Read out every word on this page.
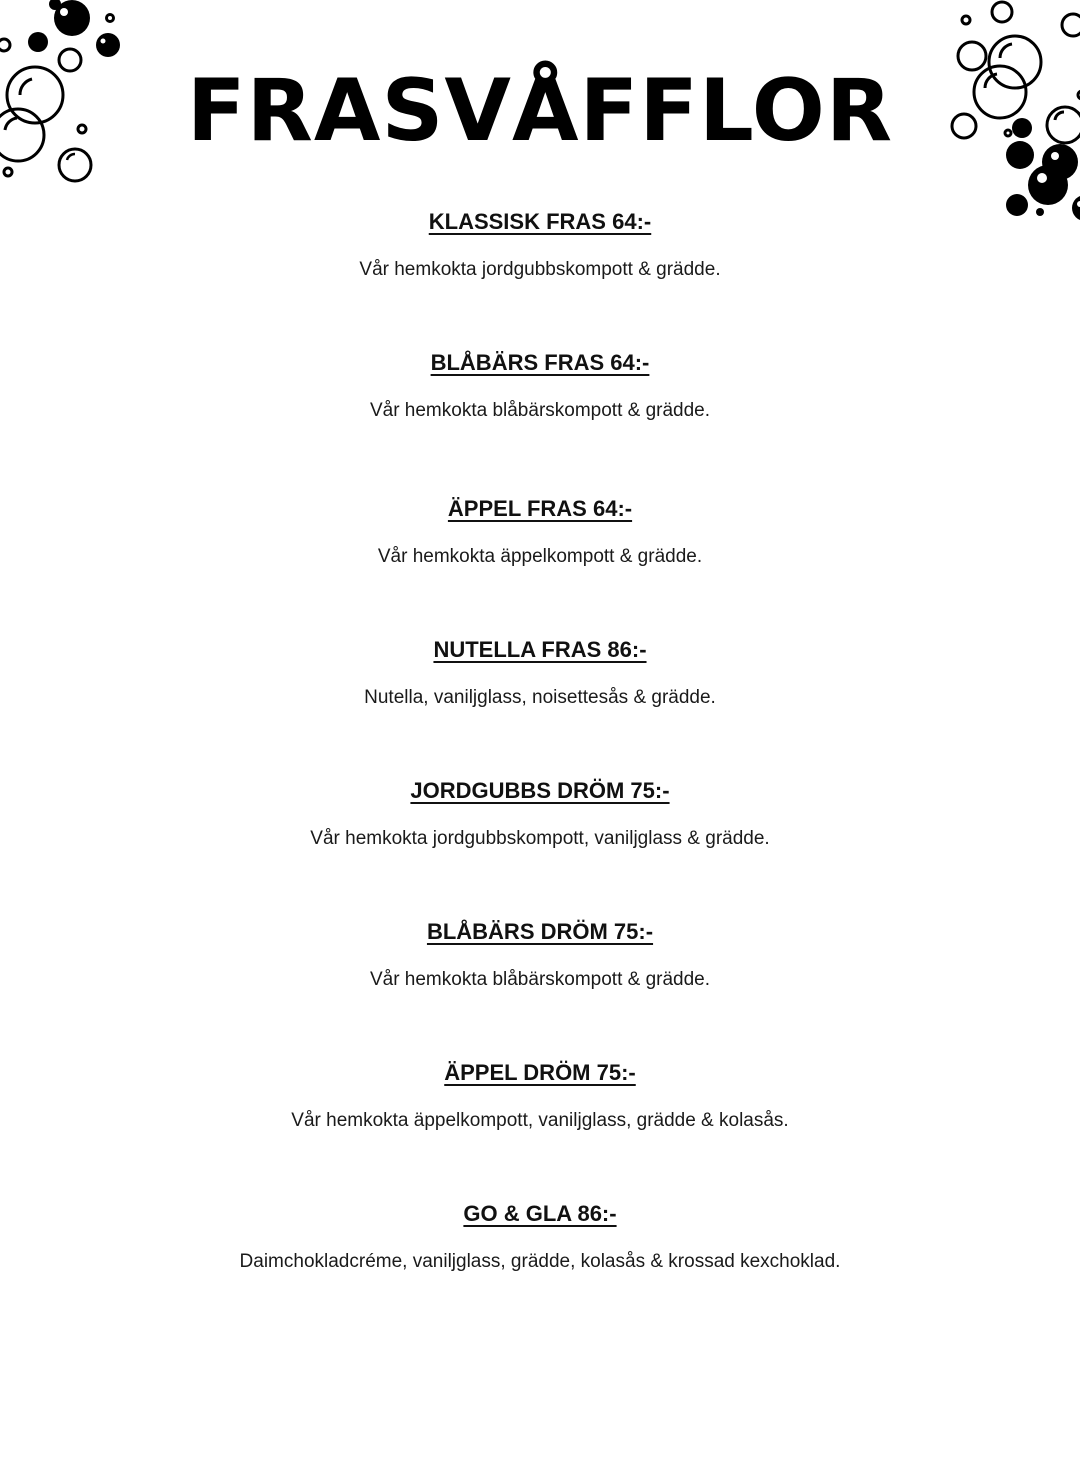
FRASVÅFFLOR
KLASSISK FRAS 64:-
Vår hemkokta jordgubbskompott & grädde.
BLÅBÄRS FRAS 64:-
Vår hemkokta blåbärskompott & grädde.
ÄPPEL FRAS 64:-
Vår hemkokta äppelkompott & grädde.
NUTELLA FRAS 86:-
Nutella, vaniljglass, noisettesås & grädde.
JORDGUBBS DRÖM 75:-
Vår hemkokta jordgubbskompott, vaniljglass & grädde.
BLÅBÄRS DRÖM 75:-
Vår hemkokta blåbärskompott & grädde.
ÄPPEL DRÖM 75:-
Vår hemkokta äppelkompott, vaniljglass, grädde & kolasås.
GO & GLA 86:-
Daimchokladcréme, vaniljglass, grädde, kolasås & krossad kexchoklad.
